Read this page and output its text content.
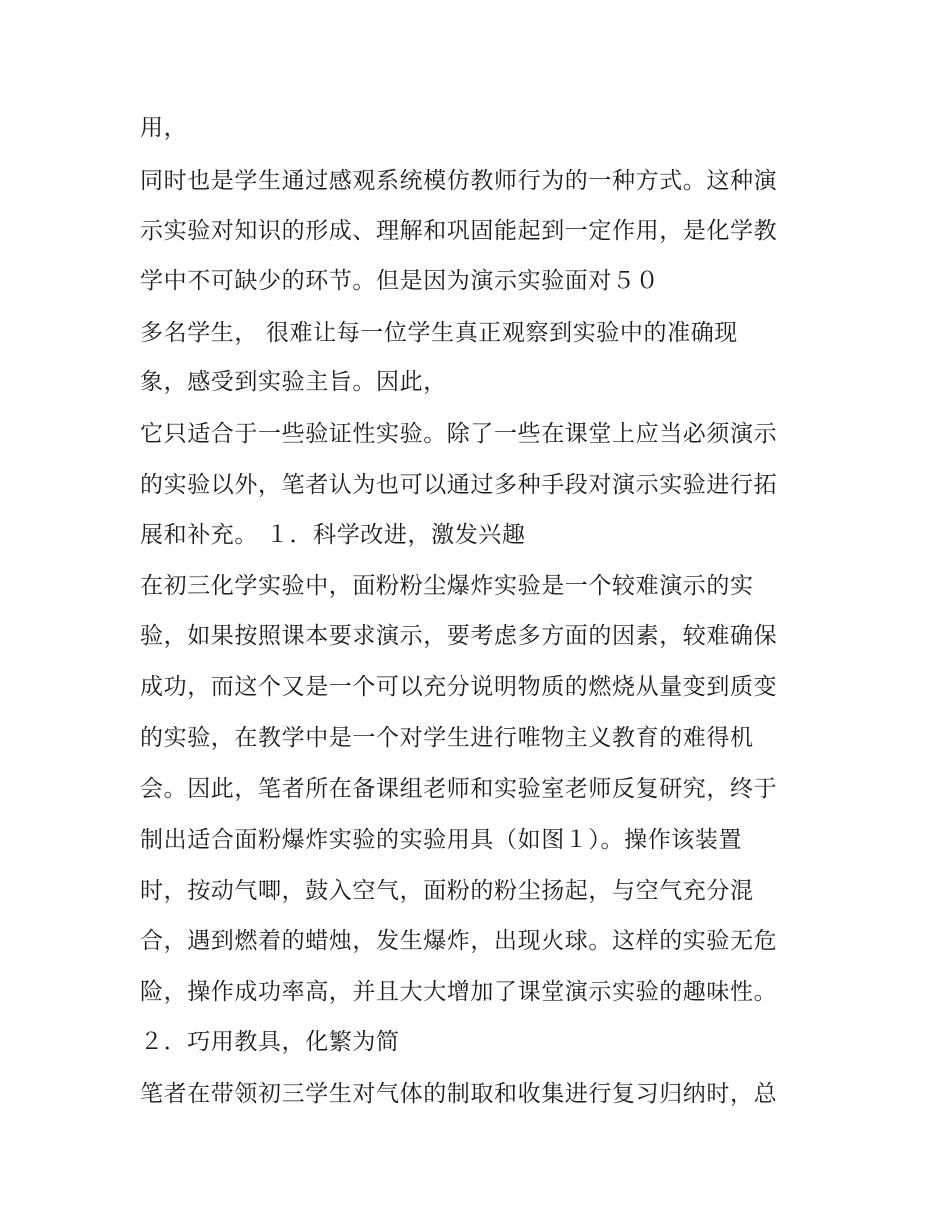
用，

同时也是学生通过感观系统模仿教师行为的一种方式。这种演

示实验对知识的形成、理解和巩固能起到一定作用，是化学教

学中不可缺少的环节。但是因为演示实验面对５０

多名学生， 很难让每一位学生真正观察到实验中的准确现

象，感受到实验主旨。因此，

它只适合于一些验证性实验。除了一些在课堂上应当必须演示

的实验以外，笔者认为也可以通过多种手段对演示实验进行拓

展和补充。 １．科学改进，激发兴趣

在初三化学实验中，面粉粉尘爆炸实验是一个较难演示的实

验，如果按照课本要求演示，要考虑多方面的因素，较难确保

成功，而这个又是一个可以充分说明物质的燃烧从量变到质变

的实验，在教学中是一个对学生进行唯物主义教育的难得机

会。因此，笔者所在备课组老师和实验室老师反复研究，终于

制出适合面粉爆炸实验的实验用具（如图１）。操作该装置

时，按动气唧，鼓入空气，面粉的粉尘扬起，与空气充分混

合，遇到燃着的蜡烛，发生爆炸，出现火球。这样的实验无危

险，操作成功率高，并且大大增加了课堂演示实验的趣味性。

２．巧用教具，化繁为简

笔者在带领初三学生对气体的制取和收集进行复习归纳时，总
